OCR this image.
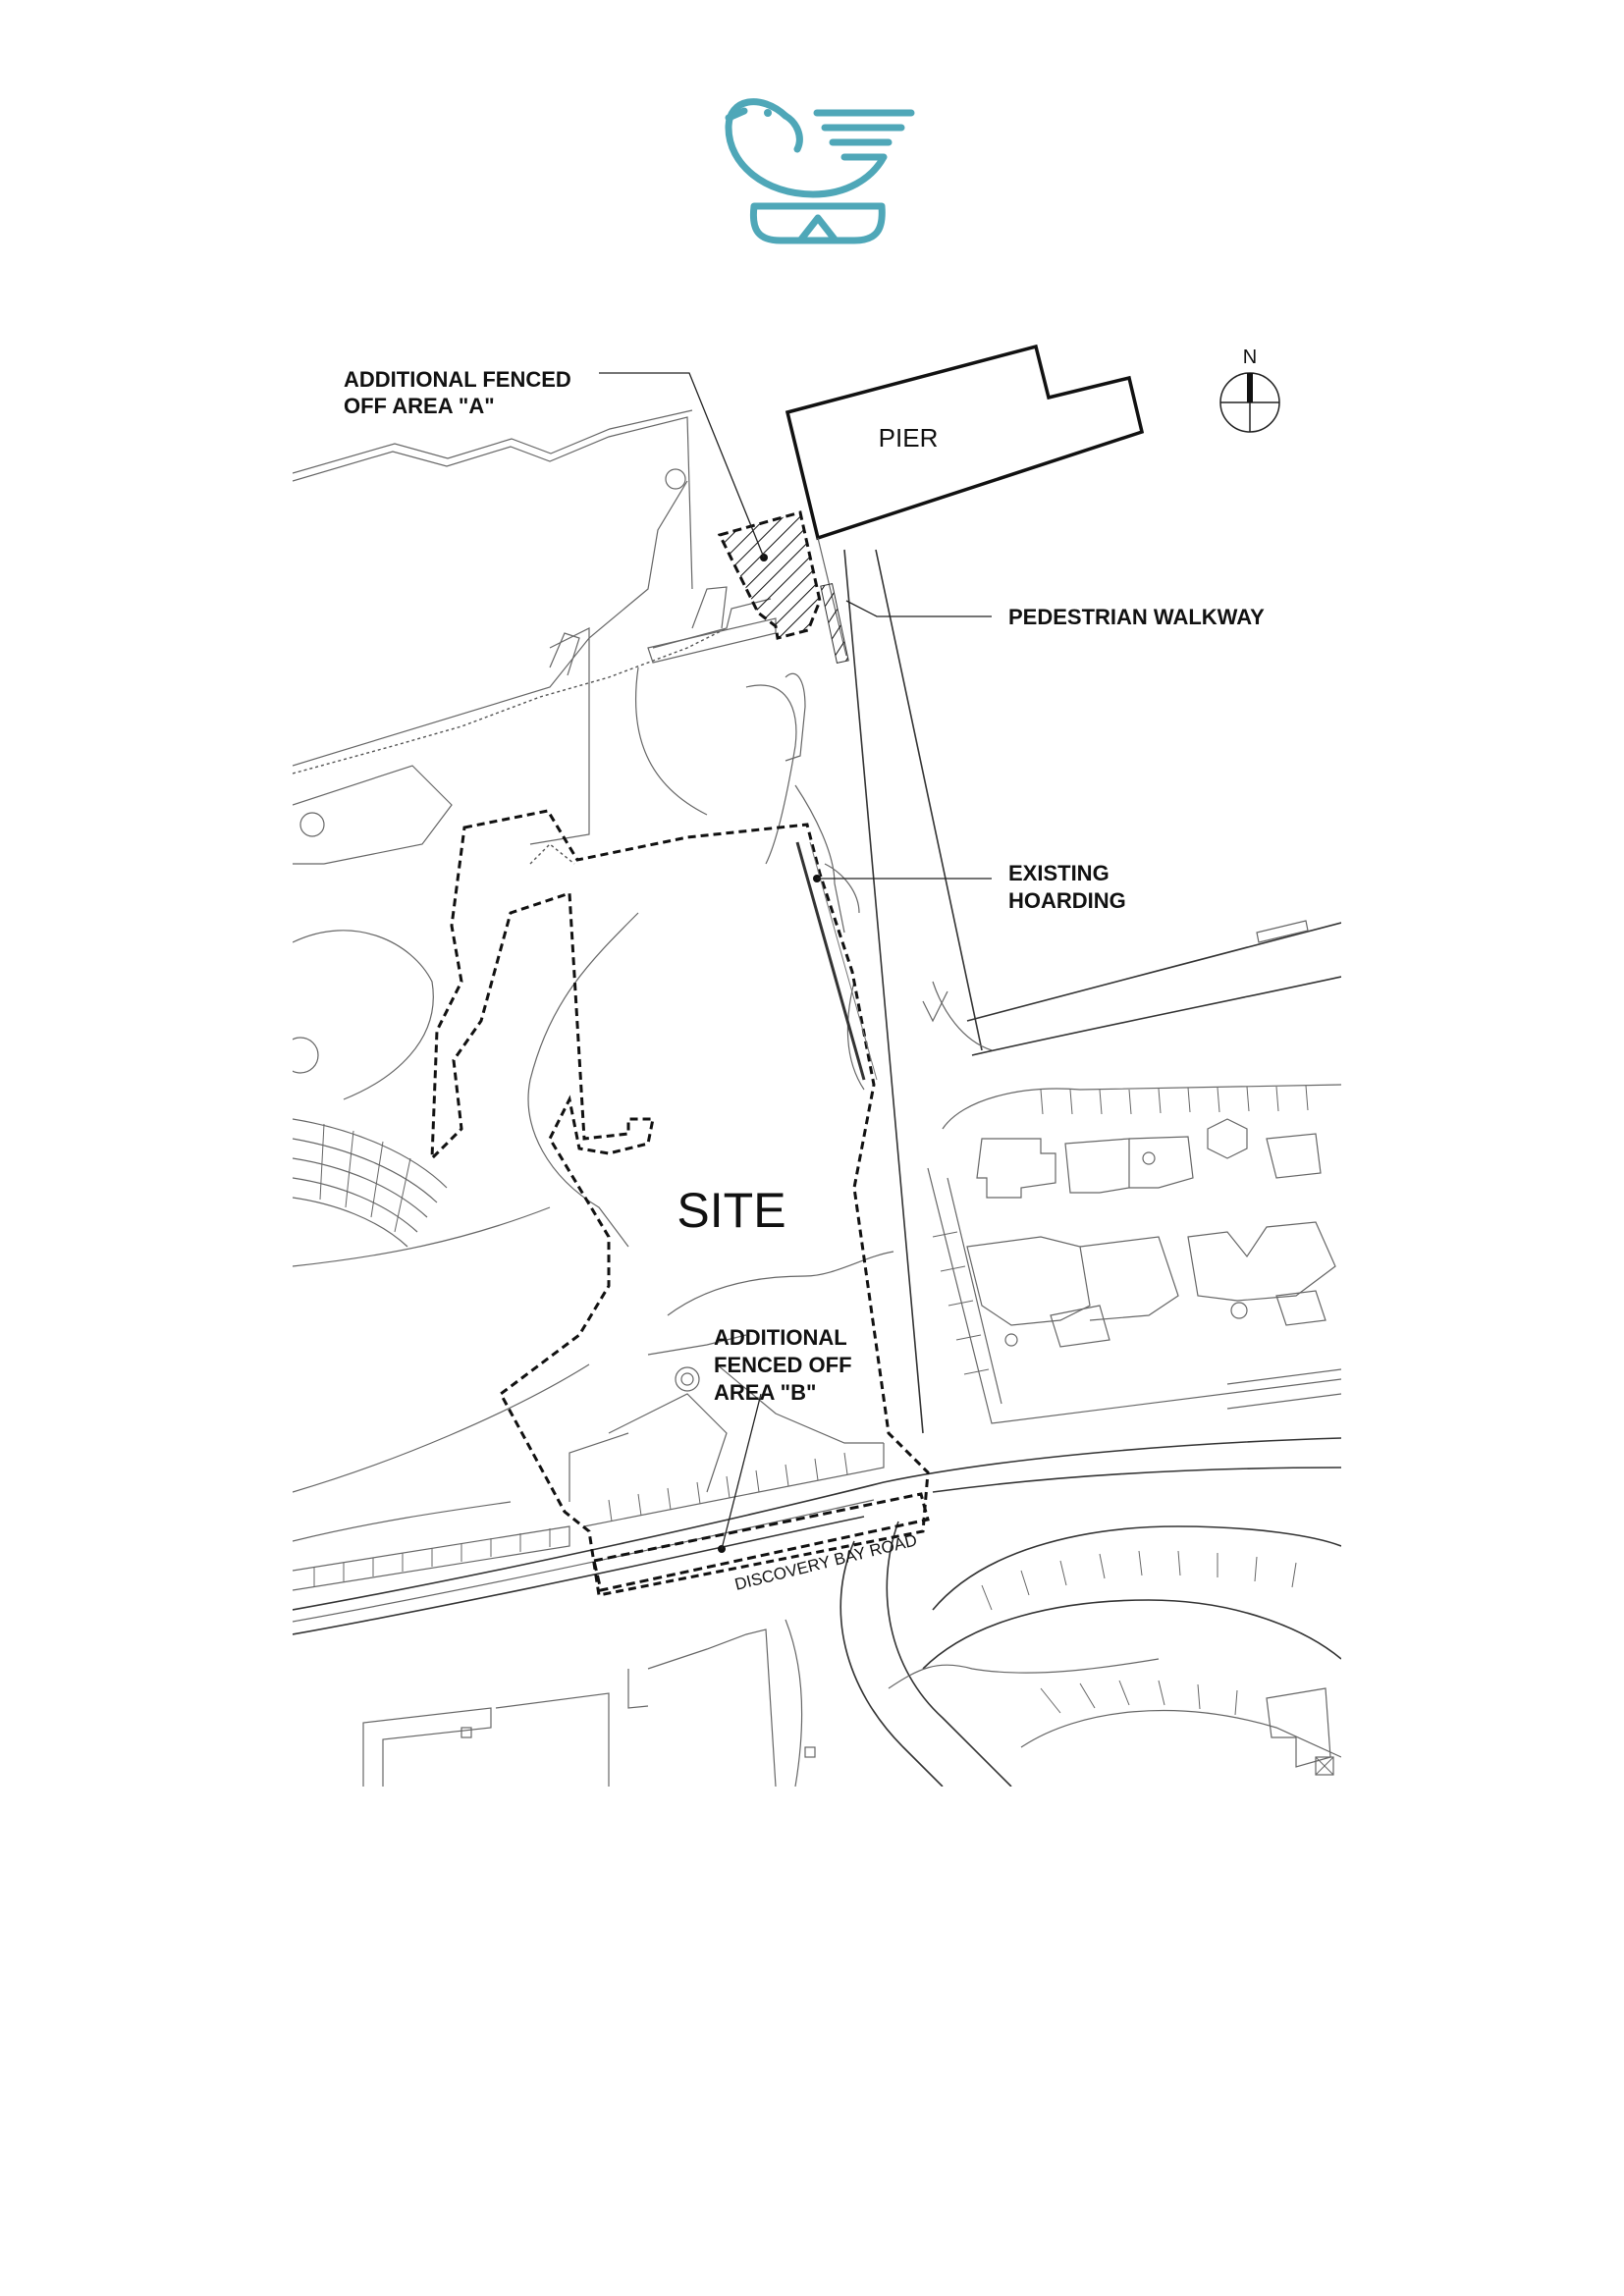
N
PIER
SITE
ADDITIONAL FENCED OFF AREA "A"
PEDESTRIAN WALKWAY
EXISTING HOARDING
ADDITIONAL FENCED OFF AREA "B"
DISCOVERY BAY ROAD
